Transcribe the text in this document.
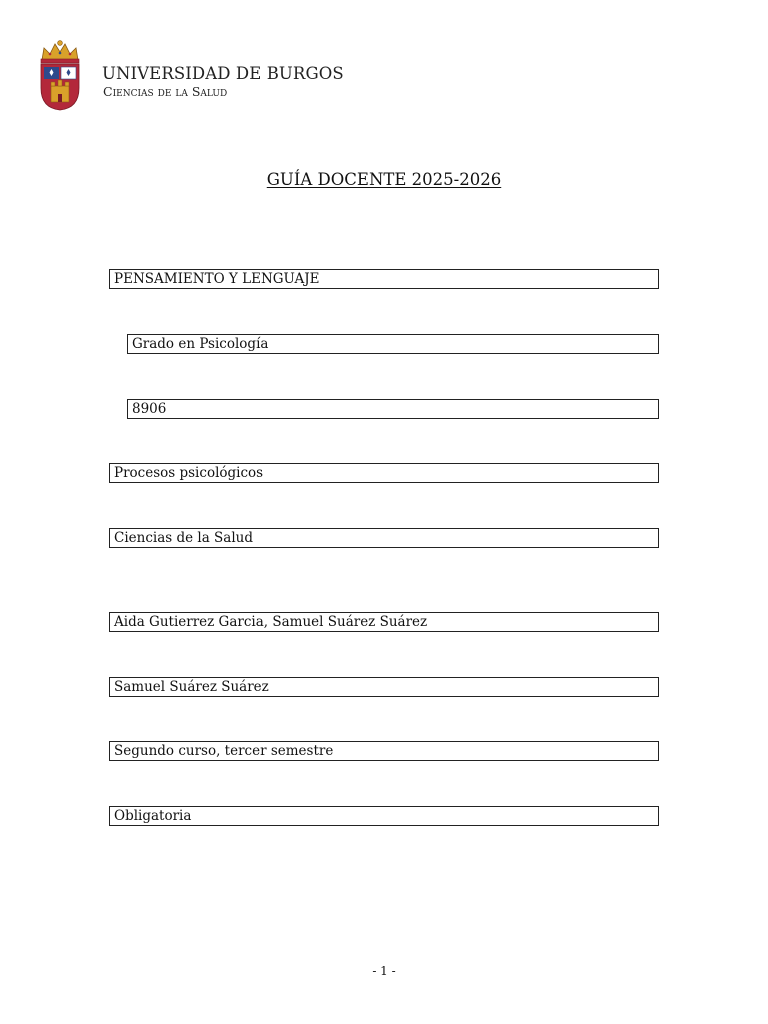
UNIVERSIDAD DE BURGOS
Ciencias de la Salud
GUÍA DOCENTE 2025-2026
PENSAMIENTO Y LENGUAJE
Grado en Psicología
8906
Procesos psicológicos
Ciencias de la Salud
Aida Gutierrez Garcia, Samuel Suárez Suárez
Samuel Suárez Suárez
Segundo curso, tercer semestre
Obligatoria
- 1 -
